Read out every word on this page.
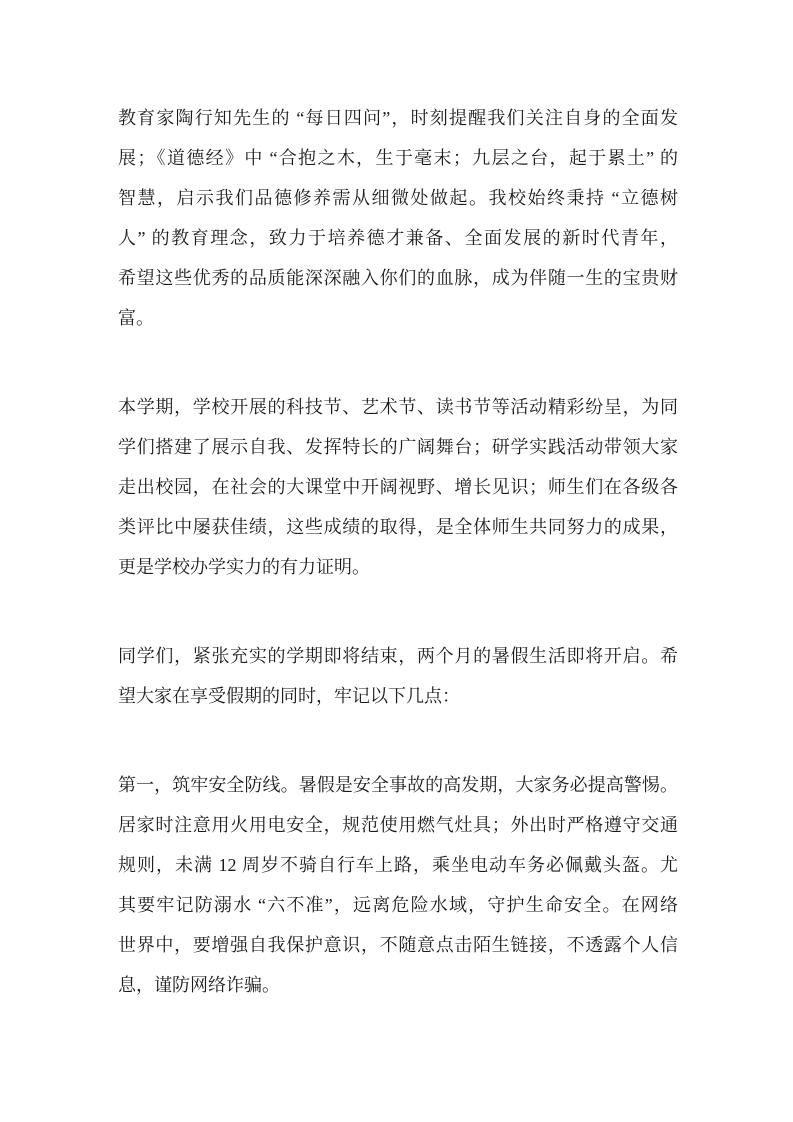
教育家陶行知先生的 “每日四问”，时刻提醒我们关注自身的全面发
展；《道德经》中 “合抱之木，生于毫末；九层之台，起于累土” 的
智慧，启示我们品德修养需从细微处做起。我校始终秉持 “立德树
人” 的教育理念，致力于培养德才兼备、全面发展的新时代青年，
希望这些优秀的品质能深深融入你们的血脉，成为伴随一生的宝贵财
富。
本学期，学校开展的科技节、艺术节、读书节等活动精彩纷呈，为同
学们搭建了展示自我、发挥特长的广阔舞台；研学实践活动带领大家
走出校园，在社会的大课堂中开阔视野、增长见识；师生们在各级各
类评比中屡获佳绩，这些成绩的取得，是全体师生共同努力的成果，
更是学校办学实力的有力证明。
同学们，紧张充实的学期即将结束，两个月的暑假生活即将开启。希
望大家在享受假期的同时，牢记以下几点：
第一，筑牢安全防线。暑假是安全事故的高发期，大家务必提高警惕。
居家时注意用火用电安全，规范使用燃气灶具；外出时严格遵守交通
规则，未满 12 周岁不骑自行车上路，乘坐电动车务必佩戴头盔。尤
其要牢记防溺水 “六不准”，远离危险水域，守护生命安全。在网络
世界中，要增强自我保护意识，不随意点击陌生链接，不透露个人信
息，谨防网络诈骗。
